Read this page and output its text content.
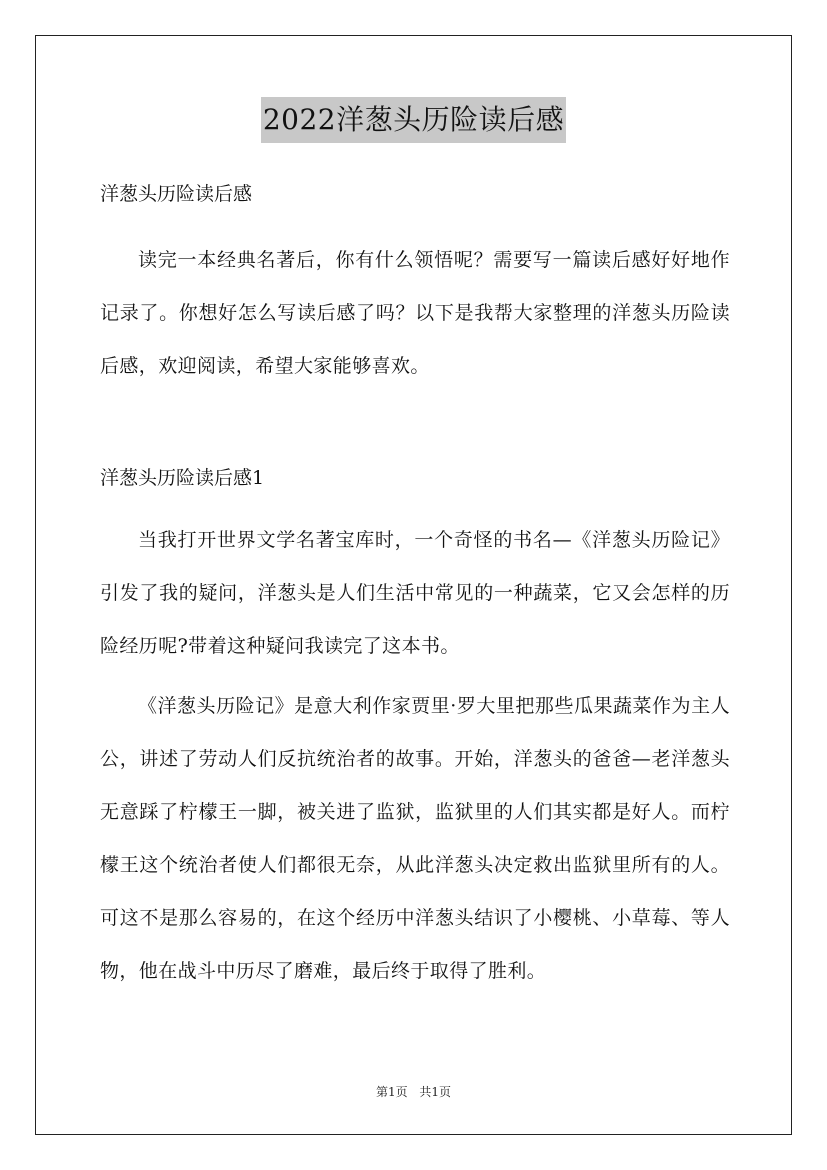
2022洋葱头历险读后感

洋葱头历险读后感

读完一本经典名著后，你有什么领悟呢？需要写一篇读后感好好地作记录了。你想好怎么写读后感了吗？以下是我帮大家整理的洋葱头历险读后感，欢迎阅读，希望大家能够喜欢。

洋葱头历险读后感1

当我打开世界文学名著宝库时，一个奇怪的书名—《洋葱头历险记》引发了我的疑问，洋葱头是人们生活中常见的一种蔬菜，它又会怎样的历险经历呢?带着这种疑问我读完了这本书。

《洋葱头历险记》是意大利作家贾里·罗大里把那些瓜果蔬菜作为主人公，讲述了劳动人们反抗统治者的故事。开始，洋葱头的爸爸—老洋葱头无意踩了柠檬王一脚，被关进了监狱，监狱里的人们其实都是好人。而柠檬王这个统治者使人们都很无奈，从此洋葱头决定救出监狱里所有的人。可这不是那么容易的，在这个经历中洋葱头结识了小樱桃、小草莓、等人物，他在战斗中历尽了磨难，最后终于取得了胜利。

第1页 共1页
